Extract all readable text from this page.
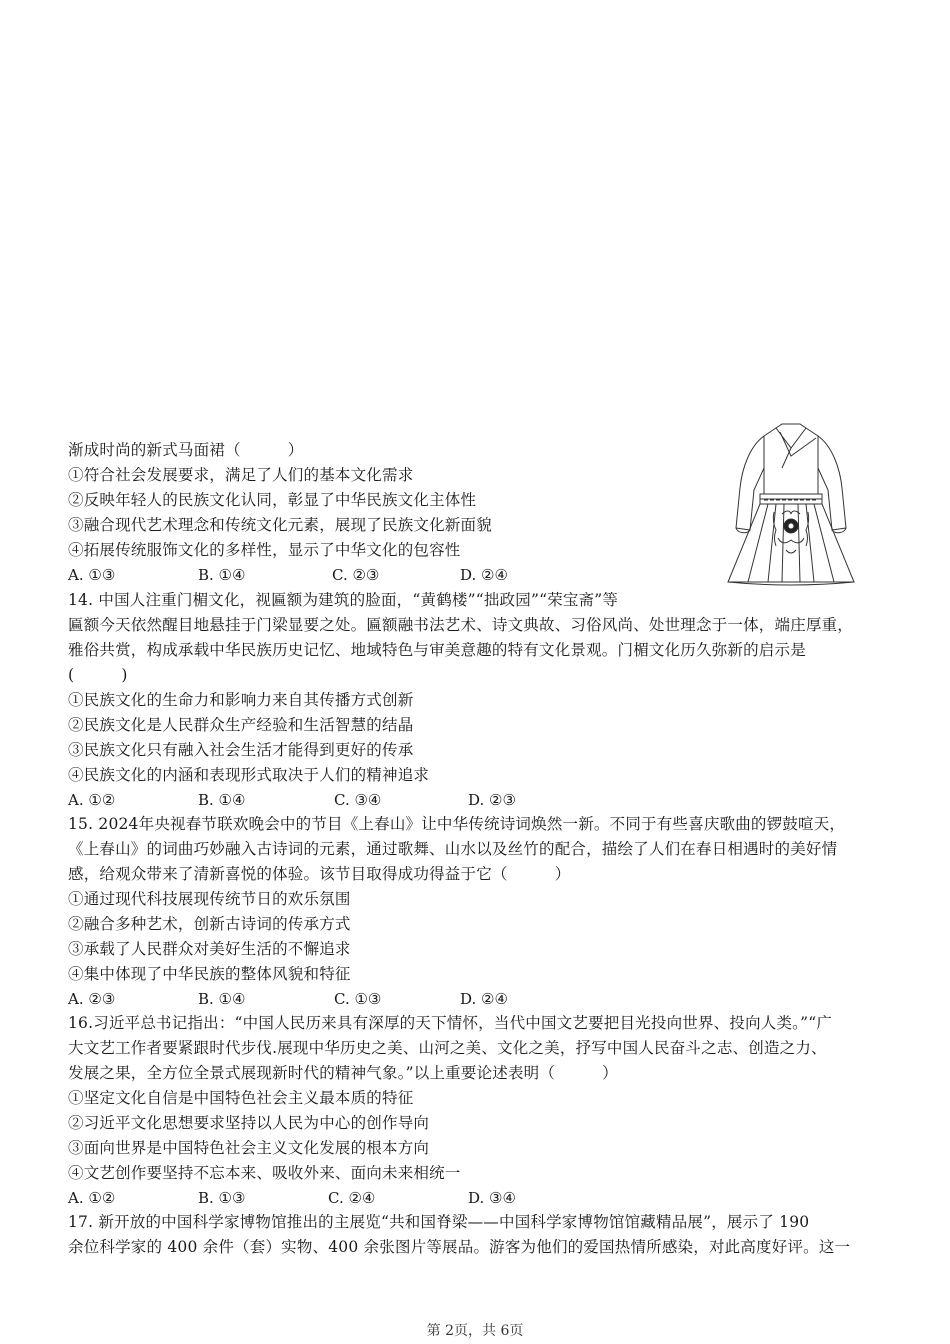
渐成时尚的新式马面裙（　　　）
①符合社会发展要求，满足了人们的基本文化需求
②反映年轻人的民族文化认同，彰显了中华民族文化主体性
③融合现代艺术理念和传统文化元素，展现了民族文化新面貌
④拓展传统服饰文化的多样性，显示了中华文化的包容性
A. ①③	B. ①④	C. ②③	D. ②④
14. 中国人注重门楣文化，视匾额为建筑的脸面，“黄鹤楼”“拙政园”“荣宝斋”等
匾额今天依然醒目地悬挂于门梁显要之处。匾额融书法艺术、诗文典故、习俗风尚、处世理念于一体，端庄厚重，
雅俗共赏，构成承载中华民族历史记忆、地域特色与审美意趣的特有文化景观。门楣文化历久弥新的启示是
(　　　)
①民族文化的生命力和影响力来自其传播方式创新
②民族文化是人民群众生产经验和生活智慧的结晶
③民族文化只有融入社会生活才能得到更好的传承
④民族文化的内涵和表现形式取决于人们的精神追求
A. ①②	B. ①④	C. ③④	D. ②③
15. 2024年央视春节联欢晚会中的节目《上春山》让中华传统诗词焕然一新。不同于有些喜庆歌曲的锣鼓喧天，
《上春山》的词曲巧妙融入古诗词的元素，通过歌舞、山水以及丝竹的配合，描绘了人们在春日相遇时的美好情
感，给观众带来了清新喜悦的体验。该节目取得成功得益于它（　　　）
①通过现代科技展现传统节日的欢乐氛围
②融合多种艺术，创新古诗词的传承方式
③承载了人民群众对美好生活的不懈追求
④集中体现了中华民族的整体风貌和特征
A. ②③	B. ①④	C. ①③	D. ②④
16.习近平总书记指出：“中国人民历来具有深厚的天下情怀，当代中国文艺要把目光投向世界、投向人类。”“广
大文艺工作者要紧跟时代步伐.展现中华历史之美、山河之美、文化之美，抒写中国人民奋斗之志、创造之力、
发展之果，全方位全景式展现新时代的精神气象。”以上重要论述表明（　　　）
①坚定文化自信是中国特色社会主义最本质的特征
②习近平文化思想要求坚持以人民为中心的创作导向
③面向世界是中国特色社会主义文化发展的根本方向
④文艺创作要坚持不忘本来、吸收外来、面向未来相统一
A. ①②	B. ①③	C. ②④	D. ③④
17. 新开放的中国科学家博物馆推出的主展览“共和国脊梁——中国科学家博物馆馆藏精品展”，展示了 190
余位科学家的 400 余件（套）实物、400 余张图片等展品。游客为他们的爱国热情所感染，对此高度好评。这一
第 2页，共 6页
